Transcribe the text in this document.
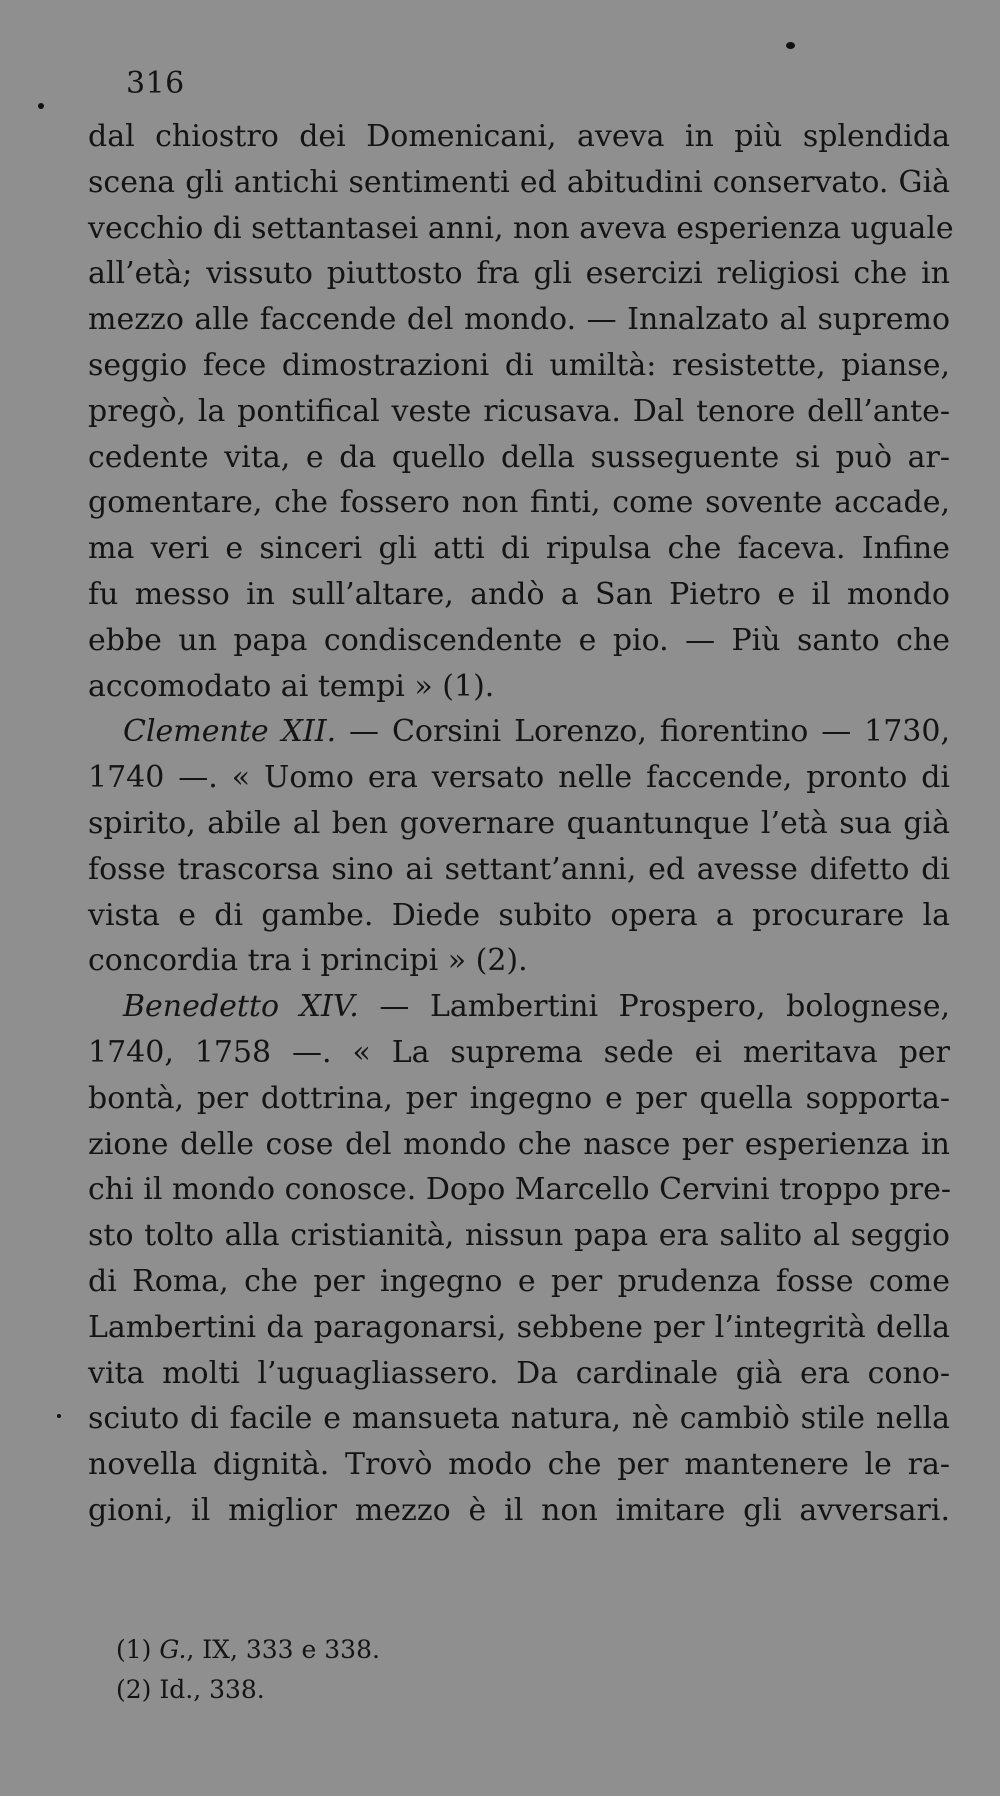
316
dal chiostro dei Domenicani, aveva in più splendida
scena gli antichi sentimenti ed abitudini conservato. Già
vecchio di settantasei anni, non aveva esperienza uguale
all’età; vissuto piuttosto fra gli esercizi religiosi che in
mezzo alle faccende del mondo. — Innalzato al supremo
seggio fece dimostrazioni di umiltà: resistette, pianse,
pregò, la pontifical veste ricusava. Dal tenore dell’ante-
cedente vita, e da quello della susseguente si può ar-
gomentare, che fossero non finti, come sovente accade,
ma veri e sinceri gli atti di ripulsa che faceva. Infine
fu messo in sull’altare, andò a San Pietro e il mondo
ebbe un papa condiscendente e pio. — Più santo che
accomodato ai tempi » (1).
Clemente XII. — Corsini Lorenzo, fiorentino — 1730,
1740 —. « Uomo era versato nelle faccende, pronto di
spirito, abile al ben governare quantunque l’età sua già
fosse trascorsa sino ai settant’anni, ed avesse difetto di
vista e di gambe. Diede subito opera a procurare la
concordia tra i principi » (2).
Benedetto XIV. — Lambertini Prospero, bolognese,
1740, 1758 —. « La suprema sede ei meritava per
bontà, per dottrina, per ingegno e per quella sopporta-
zione delle cose del mondo che nasce per esperienza in
chi il mondo conosce. Dopo Marcello Cervini troppo pre-
sto tolto alla cristianità, nissun papa era salito al seggio
di Roma, che per ingegno e per prudenza fosse come
Lambertini da paragonarsi, sebbene per l’integrità della
vita molti l’uguagliassero. Da cardinale già era cono-
sciuto di facile e mansueta natura, nè cambiò stile nella
novella dignità. Trovò modo che per mantenere le ra-
gioni, il miglior mezzo è il non imitare gli avversari.
(1) G., IX, 333 e 338.
(2) Id., 338.
